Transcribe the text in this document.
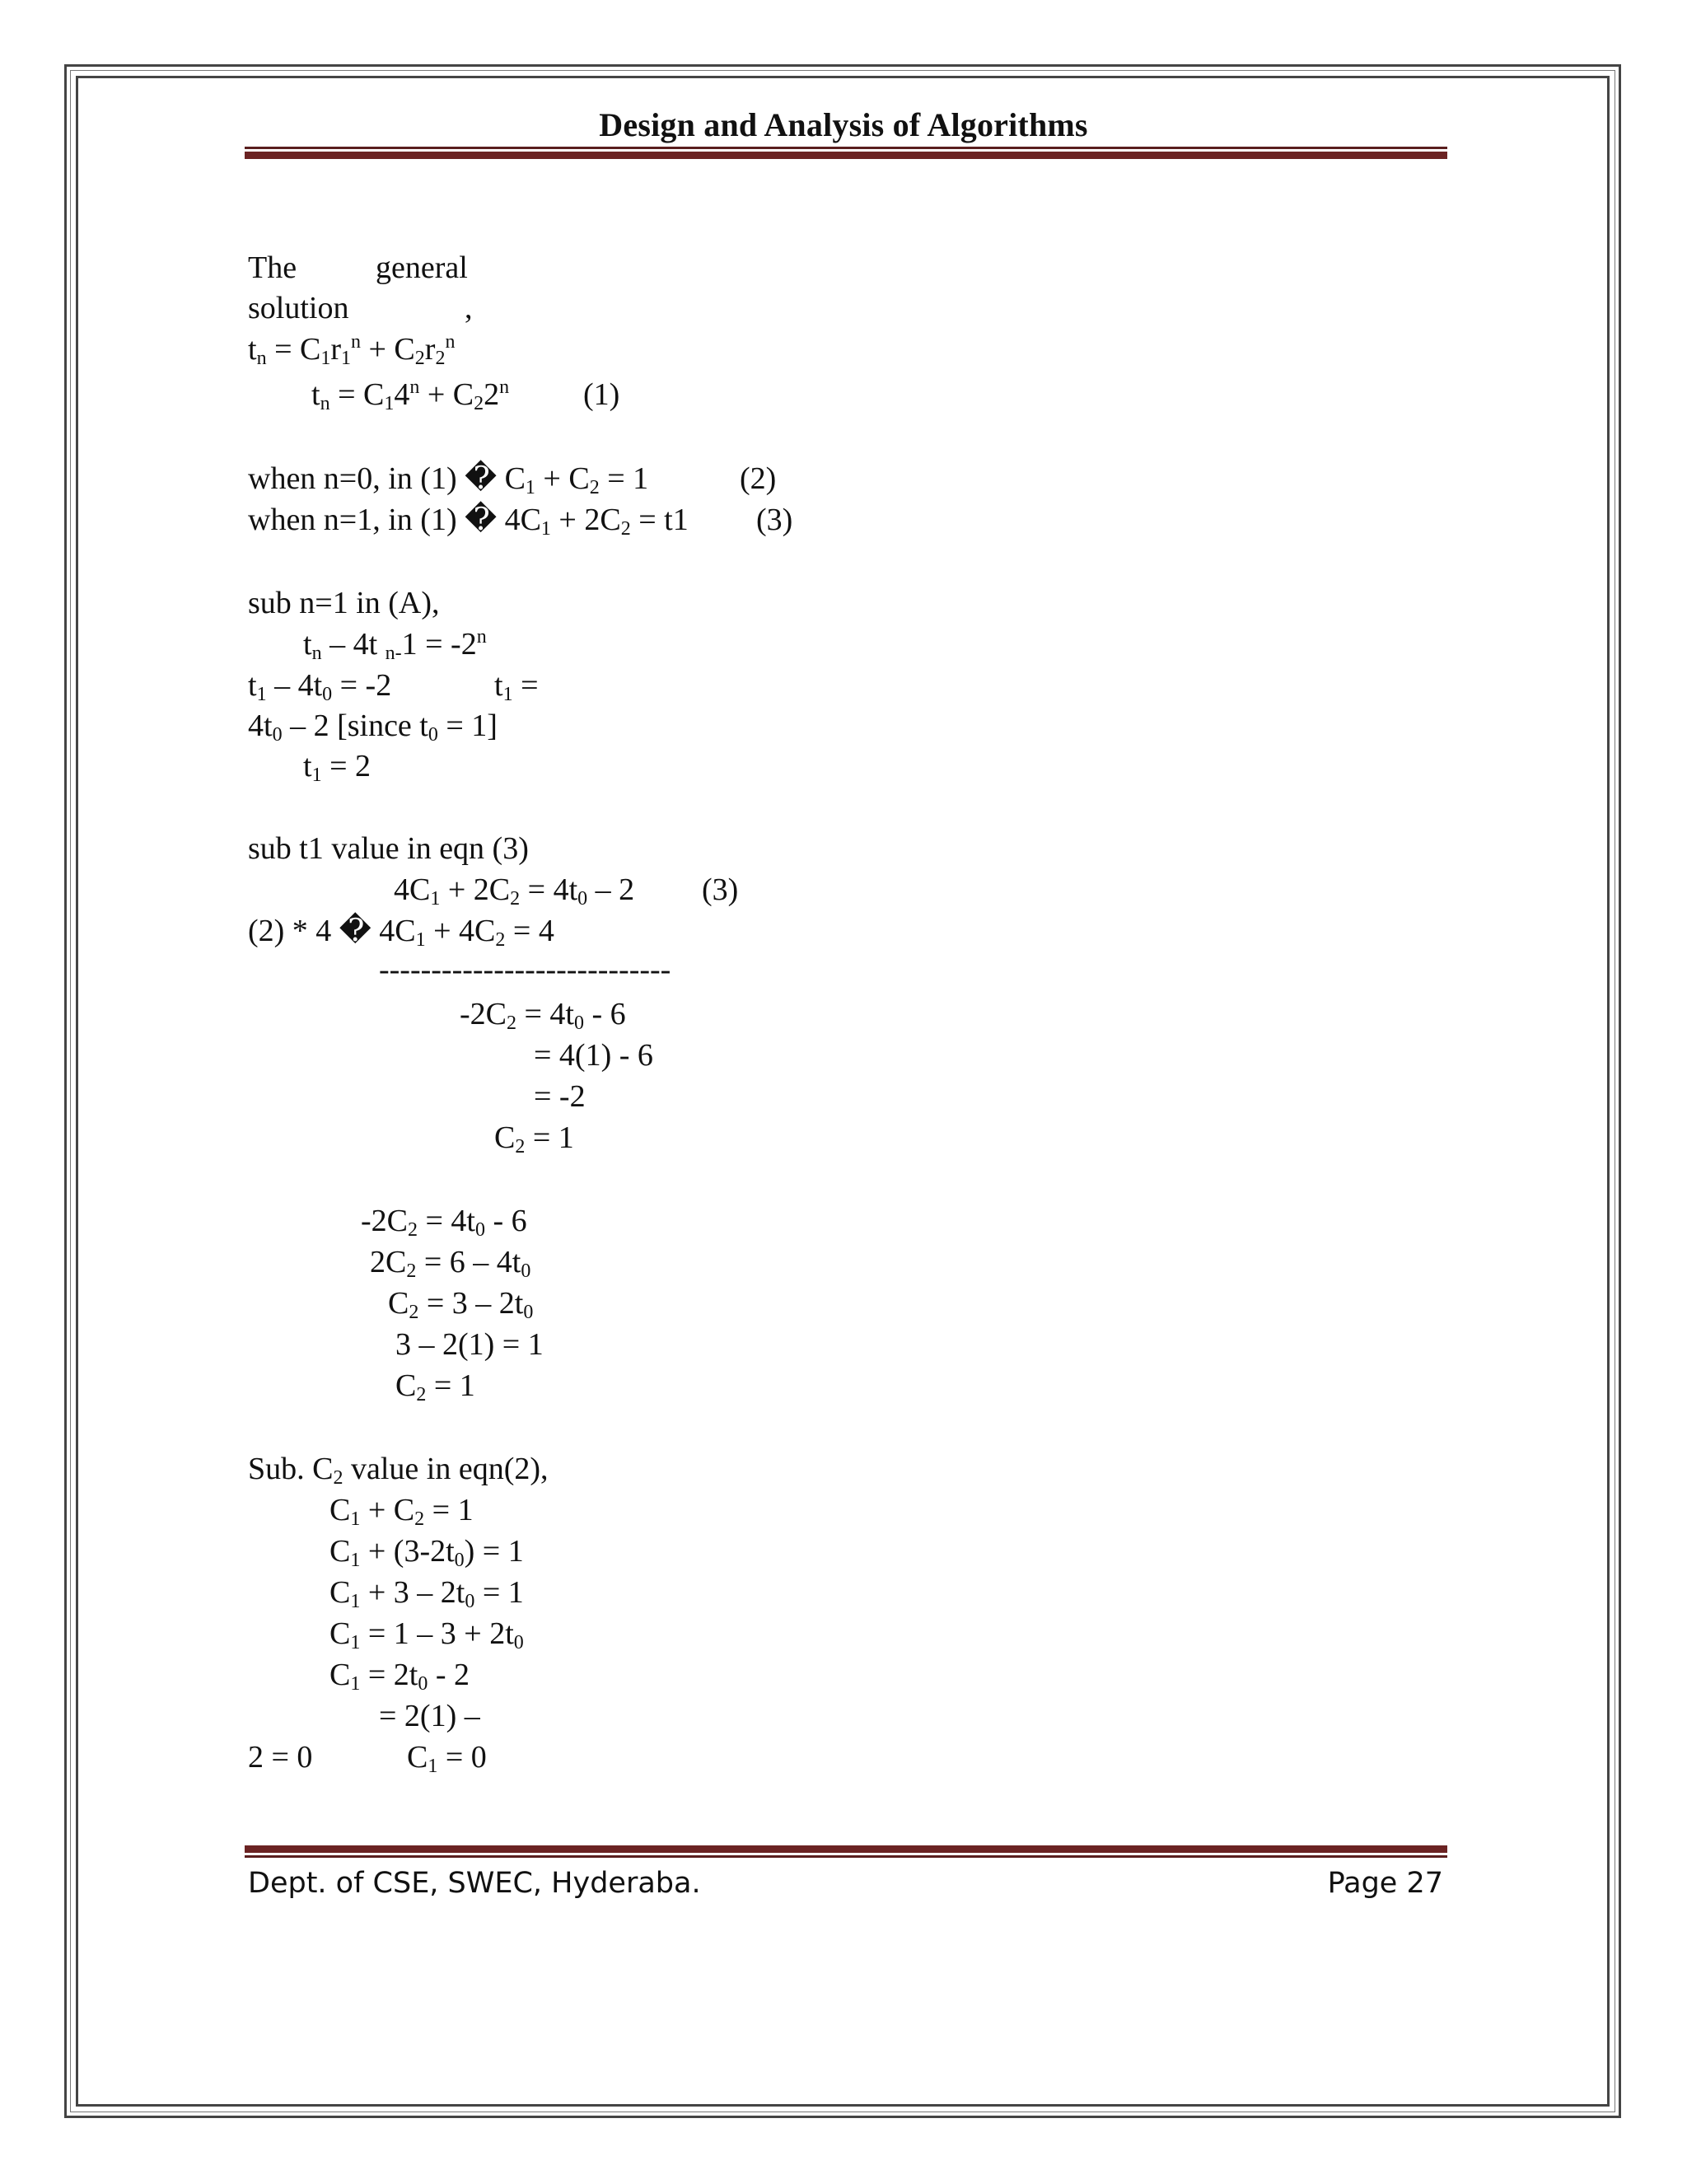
Design and Analysis of Algorithms
The	general
solution	,
$t_n = C_1r_1^n + C_2r_2^n$
$t_n = C_14^n + C_22^n$ (1)
when n=0, in (1) � $C_1 + C_2 = 1$	(2)
when n=1, in (1) � $4C_1 + 2C_2 = t1$ (3)
sub n=1 in (A),
$t_n - 4t$ $_{n-}1 = -2^n$
$t_1 - 4t_0 = -2$	$t_1$ =
$4t_0 - 2$ [since $t_0 = 1$]
$t_1 = 2$
sub t1 value in eqn (3)
$4C_1 + 2C_2 = 4t_0 - 2$ (3)
(2) * 4 � $4C_1 + 4C_2 = 4$
----------------------------
$-2C_2 = 4t_0 - 6$
= 4(1) - 6
= -2
$C_2 = 1$
$-2C_2 = 4t_0 - 6$
$2C_2 = 6 - 4t_0$
$C_2 = 3 - 2t_0$
3 – 2(1) = 1
$C_2 = 1$
Sub. $C_2$ value in eqn(2),
$C_1 + C_2 = 1$
$C_1 + (3-2t_0) = 1$
$C_1 + 3 - 2t_0 = 1$
$C_1 = 1 - 3 + 2t_0$
$C_1 = 2t_0 - 2$
= 2(1) –
2 = 0	$C_1 = 0$
Dept. of CSE, SWEC, Hyderaba.	Page 27
